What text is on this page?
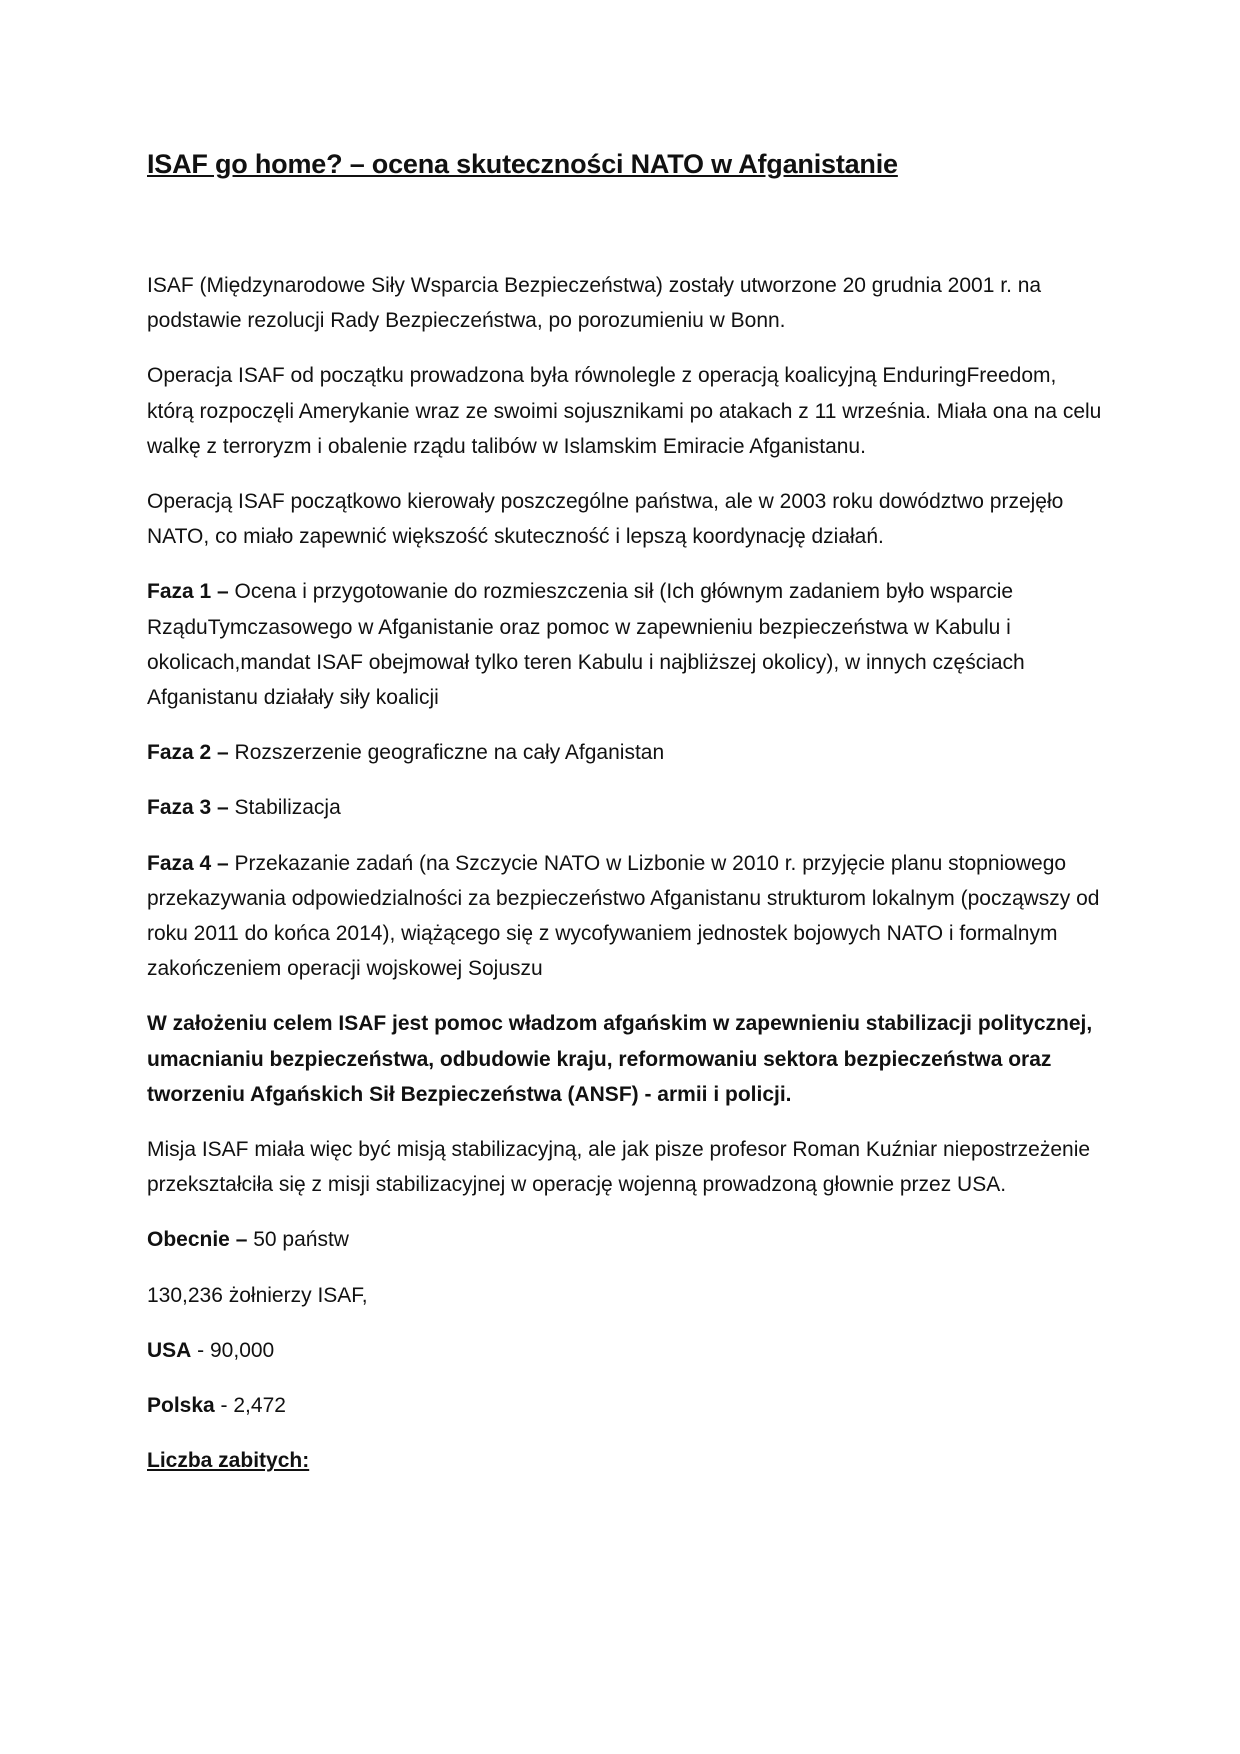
ISAF go home? – ocena skuteczności NATO w Afganistanie

ISAF (Międzynarodowe Siły Wsparcia Bezpieczeństwa) zostały utworzone 20 grudnia 2001 r. na podstawie rezolucji Rady Bezpieczeństwa, po porozumieniu w Bonn.

Operacja ISAF od początku prowadzona była równolegle z operacją koalicyjną EnduringFreedom, którą rozpoczęli Amerykanie wraz ze swoimi sojusznikami po atakach z 11 września. Miała ona na celu walkę z terroryzm i obalenie rządu talibów w Islamskim Emiracie Afganistanu.

Operacją ISAF początkowo kierowały poszczególne państwa, ale w 2003 roku dowództwo przejęło NATO, co miało zapewnić większość skuteczność i lepszą koordynację działań.

Faza 1 – Ocena i przygotowanie do rozmieszczenia sił (Ich głównym zadaniem było wsparcie RząduTymczasowego w Afganistanie oraz pomoc w zapewnieniu bezpieczeństwa w Kabulu i okolicach,mandat ISAF obejmował tylko teren Kabulu i najbliższej okolicy), w innych częściach Afganistanu działały siły koalicji

Faza 2 – Rozszerzenie geograficzne na cały Afganistan

Faza 3 – Stabilizacja

Faza 4 – Przekazanie zadań (na Szczycie NATO w Lizbonie w 2010 r. przyjęcie planu stopniowego przekazywania odpowiedzialności za bezpieczeństwo Afganistanu strukturom lokalnym (począwszy od roku 2011 do końca 2014), wiążącego się z wycofywaniem jednostek bojowych NATO i formalnym zakończeniem operacji wojskowej Sojuszu

W założeniu celem ISAF jest pomoc władzom afgańskim w zapewnieniu stabilizacji politycznej, umacnianiu bezpieczeństwa, odbudowie kraju, reformowaniu sektora bezpieczeństwa oraz tworzeniu Afgańskich Sił Bezpieczeństwa (ANSF) - armii i policji.

Misja ISAF miała więc być misją stabilizacyjną, ale jak pisze profesor Roman Kuźniar niepostrzeżenie przekształciła się z misji stabilizacyjnej w operację wojenną prowadzoną głownie przez USA.

Obecnie – 50 państw

130,236 żołnierzy ISAF,

USA - 90,000

Polska - 2,472

Liczba zabitych:
